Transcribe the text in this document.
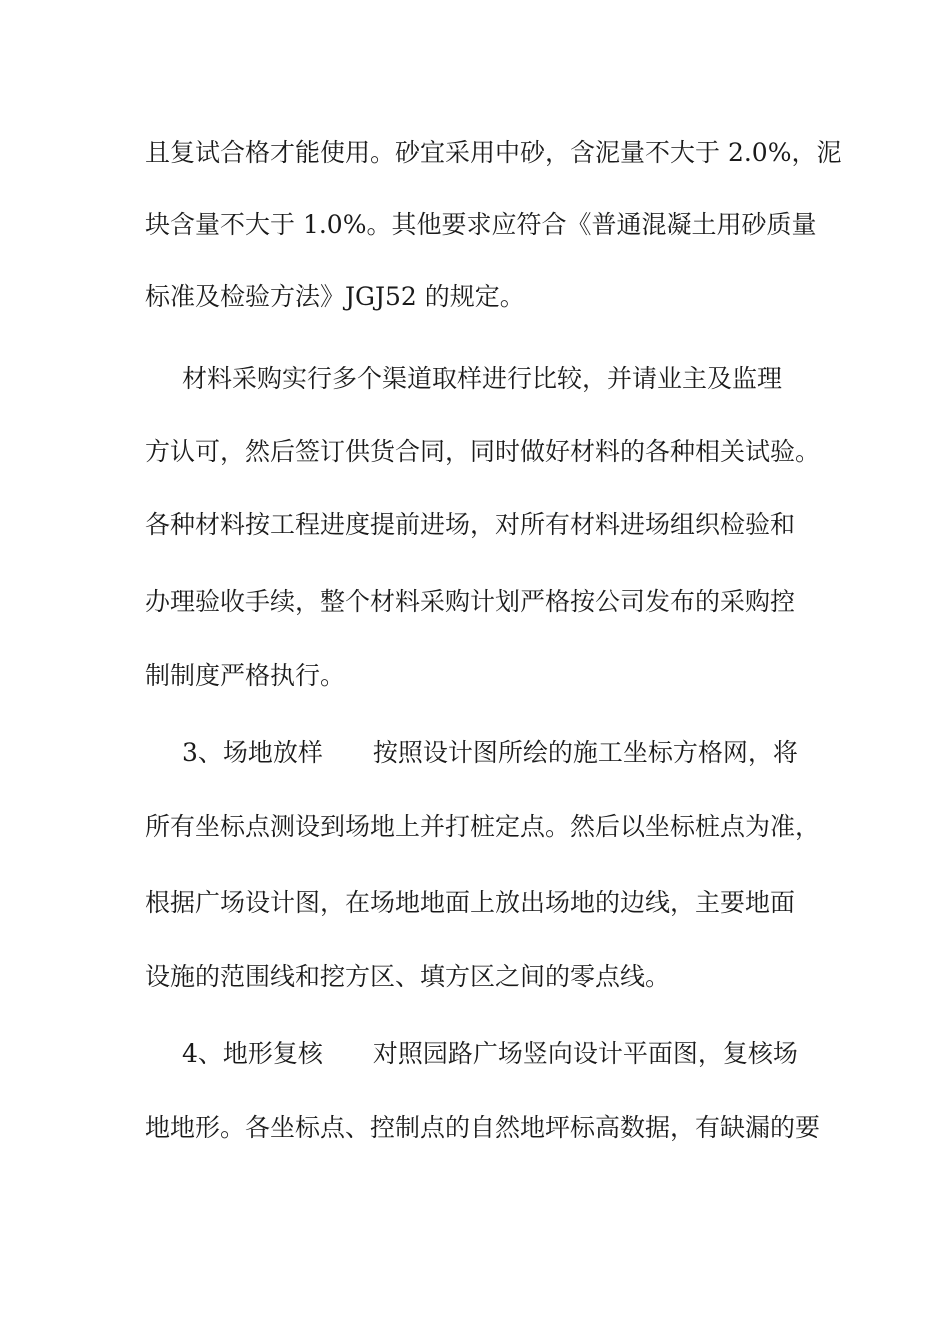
且复试合格才能使用。砂宜采用中砂，含泥量不大于 2.0%，泥
块含量不大于 1.0%。其他要求应符合《普通混凝土用砂质量
标准及检验方法》JGJ52 的规定。
材料采购实行多个渠道取样进行比较，并请业主及监理
方认可，然后签订供货合同，同时做好材料的各种相关试验。
各种材料按工程进度提前进场，对所有材料进场组织检验和
办理验收手续，整个材料采购计划严格按公司发布的采购控
制制度严格执行。
3、场地放样　　按照设计图所绘的施工坐标方格网，将
所有坐标点测设到场地上并打桩定点。然后以坐标桩点为准，
根据广场设计图，在场地地面上放出场地的边线，主要地面
设施的范围线和挖方区、填方区之间的零点线。
4、地形复核　　对照园路广场竖向设计平面图，复核场
地地形。各坐标点、控制点的自然地坪标高数据，有缺漏的要
